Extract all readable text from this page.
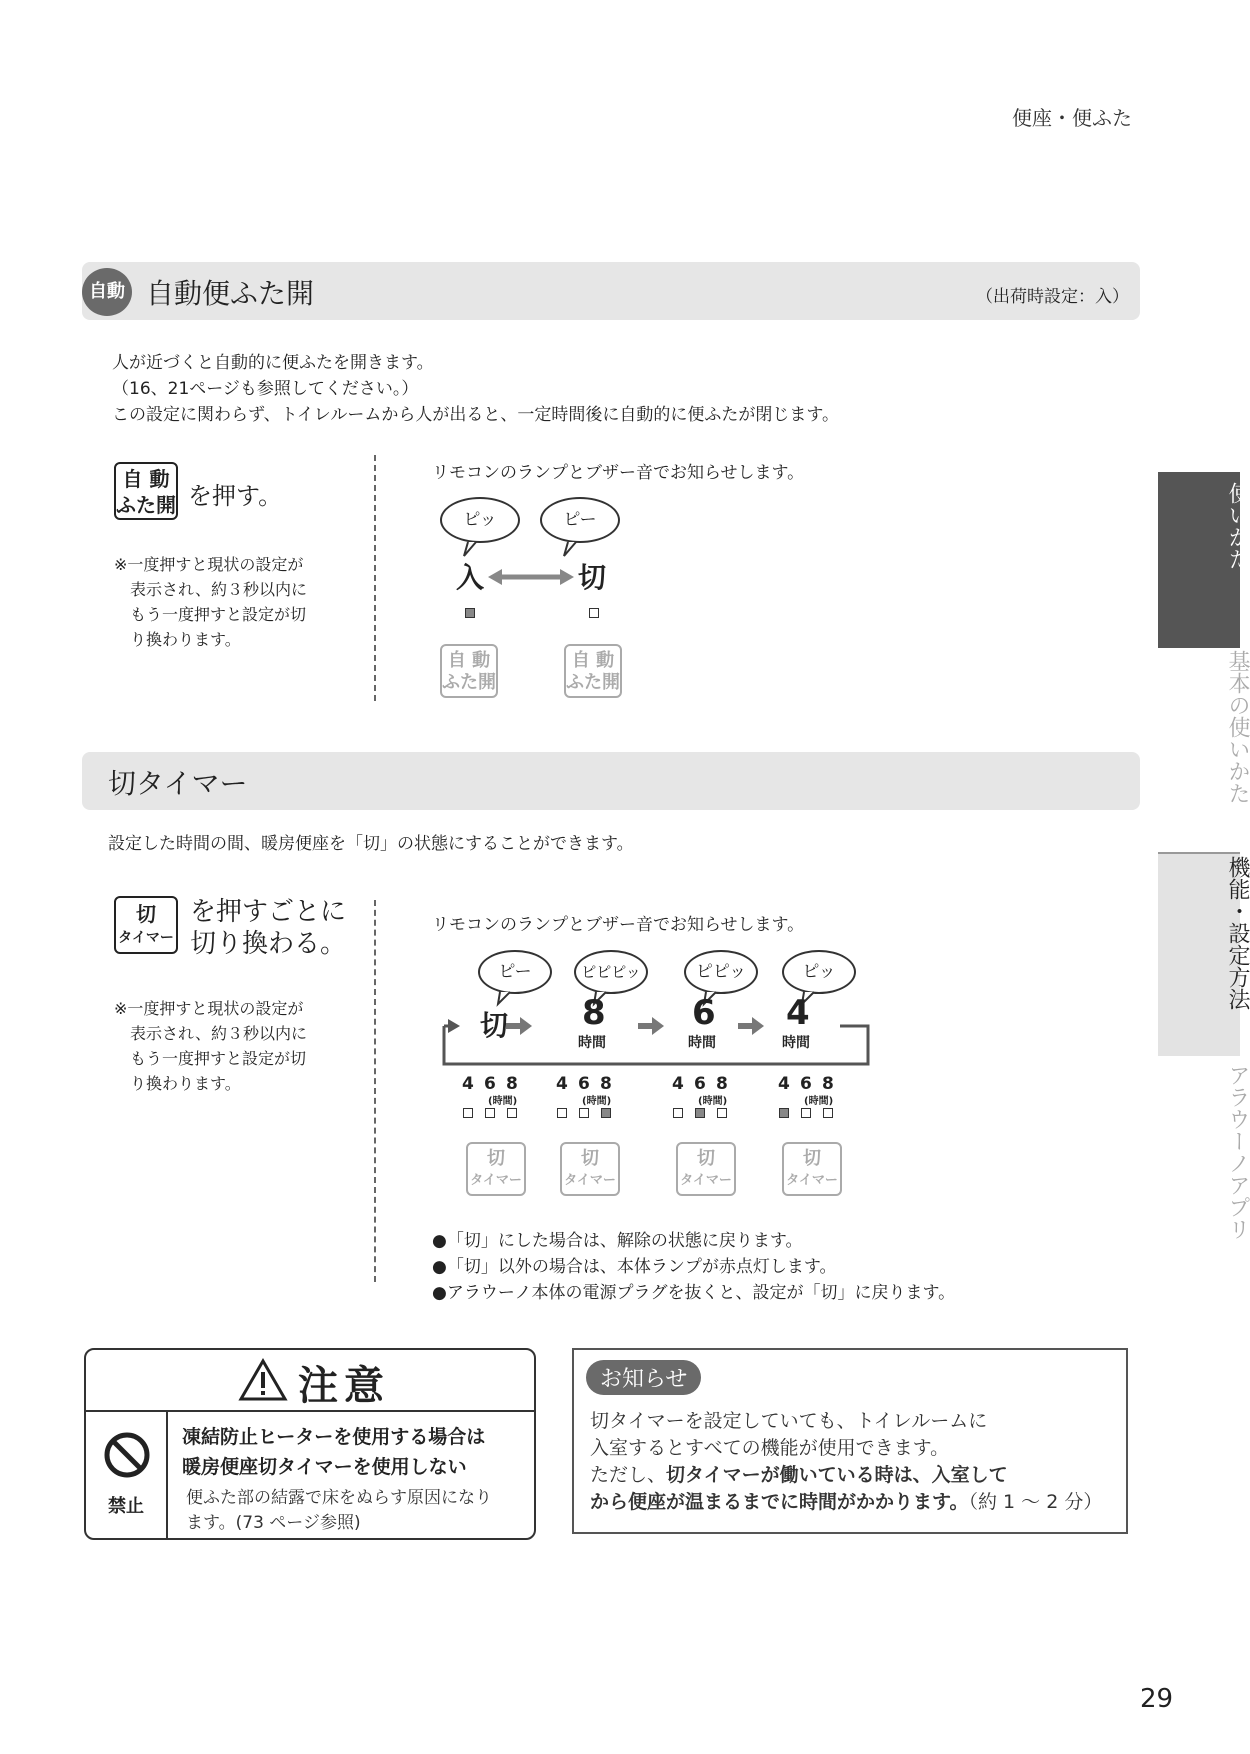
便座・便ふた
使いかた
基本の使いかた
機能・設定方法
アラウーノアプリ
自動 自動便ふた開	（出荷時設定：入）
人が近づくと自動的に便ふたを開きます。
（16、21ページも参照してください。）
この設定に関わらず、トイレルームから人が出ると、一定時間後に自動的に便ふたが閉じます。
自 動
ふた開 を押す。
※一度押すと現状の設定が
表示され、約３秒以内に
もう一度押すと設定が切
り換わります。
リモコンのランプとブザー音でお知らせします。
ピッ	ピー
入	切
自 動
ふた開
自 動
ふた開
切タイマー
設定した時間の間、暖房便座を「切」の状態にすることができます。
切
タイマー
を押すごとに
切り換わる。
※一度押すと現状の設定が
表示され、約３秒以内に
もう一度押すと設定が切
り換わります。
リモコンのランプとブザー音でお知らせします。
ピー	ピピピッ	ピピッ	ピッ
切 8
時間
6
時間
4
時間
4 6 8
(時間)
切
タイマー
4 6 8
(時間)
切
タイマー
4 6 8
(時間)
切
タイマー
4 6 8
(時間)
切
タイマー
●「切」にした場合は、解除の状態に戻ります。
●「切」以外の場合は、本体ランプが赤点灯します。
●アラウーノ本体の電源プラグを抜くと、設定が「切」に戻ります。
注意
禁止
凍結防止ヒーターを使用する場合は
暖房便座切タイマーを使用しない
便ふた部の結露で床をぬらす原因になり
ます。(73 ページ参照)
お知らせ
切タイマーを設定していても、トイレルームに
入室するとすべての機能が使用できます。
ただし、切タイマーが働いている時は、入室して
から便座が温まるまでに時間がかかります。（約 1 ～ 2 分）
29
